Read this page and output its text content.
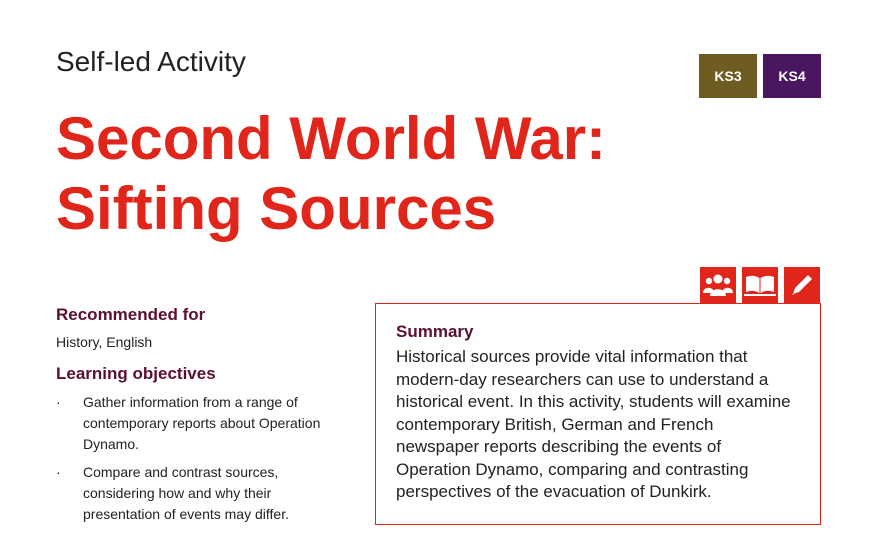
Self-led Activity	KS3	KS4
Second World War:
Sifting Sources
Recommended for
History, English
Learning objectives
· Gather information from a range of contemporary reports about Operation Dynamo.
· Compare and contrast sources, considering how and why their presentation of events may differ.
Summary

Historical sources provide vital information that modern-day researchers can use to understand a historical event. In this activity, students will examine contemporary British, German and French newspaper reports describing the events of Operation Dynamo, comparing and contrasting perspectives of the evacuation of Dunkirk.
